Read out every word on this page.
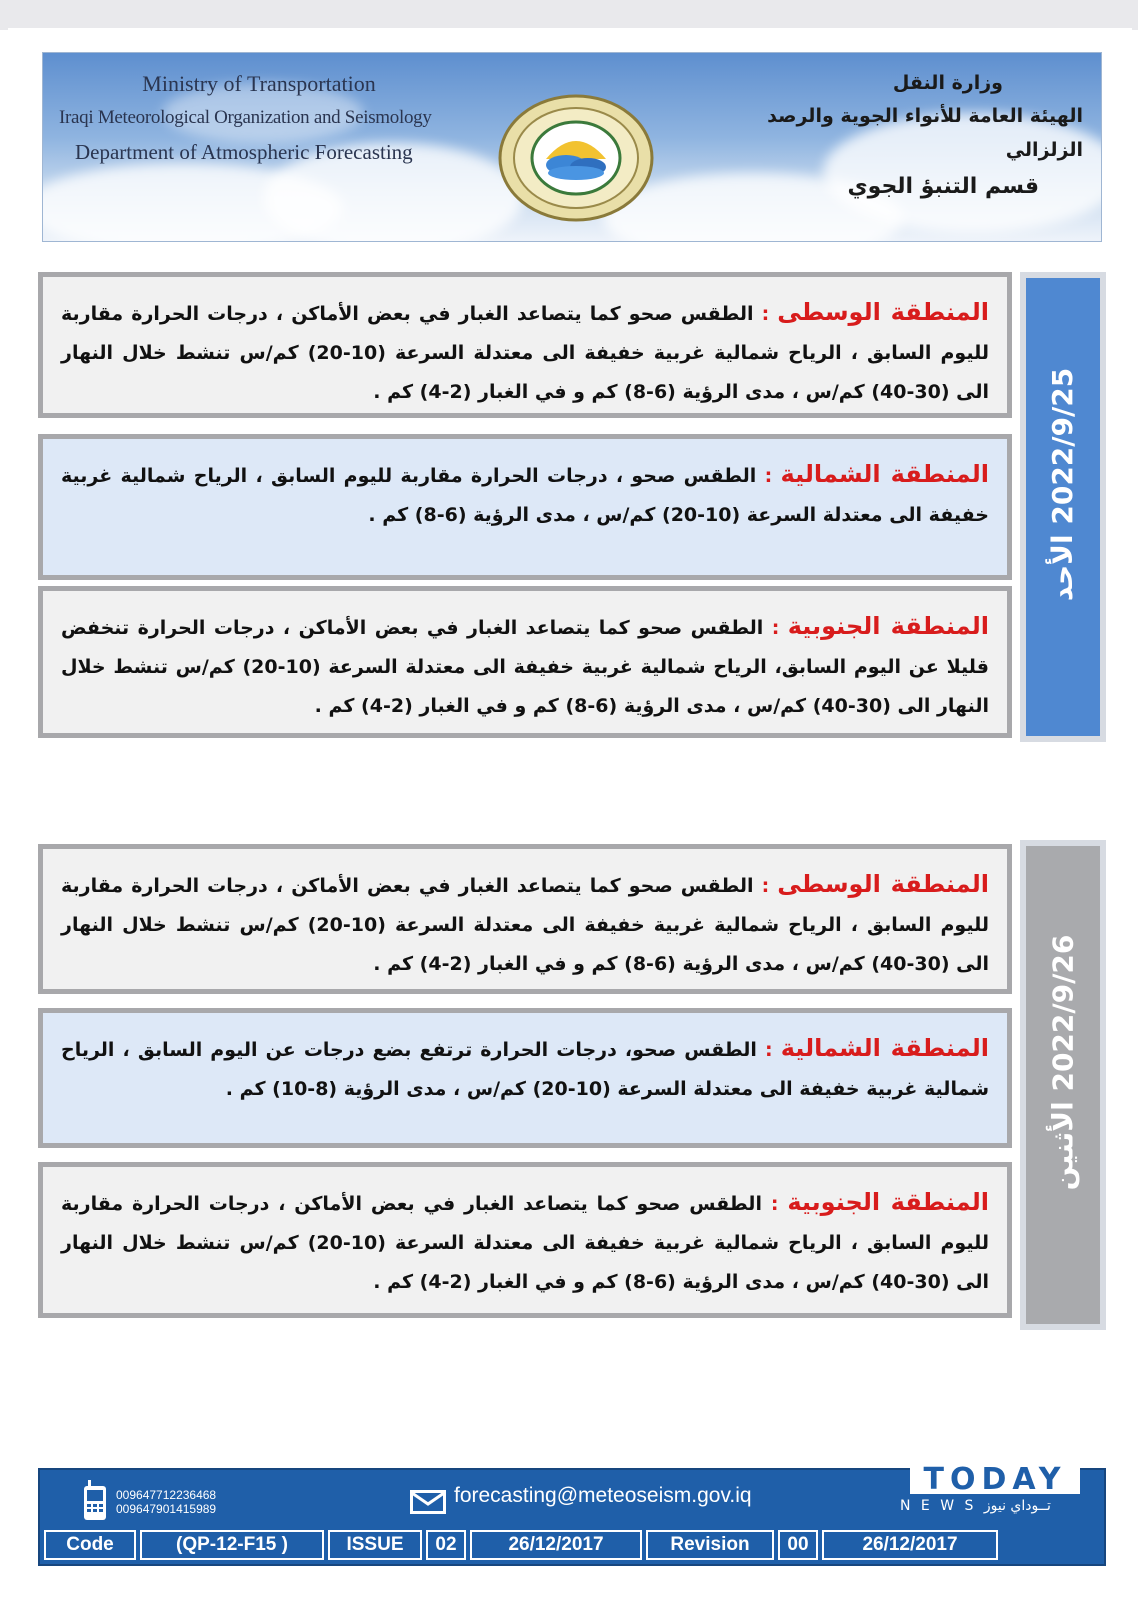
Ministry of Transportation
Iraqi Meteorological Organization and Seismology
Department of Atmospheric Forecasting
وزارة النقل
الهيئة العامة للأنواء الجوية والرصد الزلزالي
قسم التنبؤ الجوي
2022/9/25 الأحد

المنطقة الوسطى : الطقس صحو كما يتصاعد الغبار في بعض الأماكن ، درجات الحرارة مقاربة لليوم السابق ، الرياح شمالية غربية خفيفة الى معتدلة السرعة (10-20) كم/س تنشط خلال النهار الى (30-40) كم/س ، مدى الرؤية (6-8) كم و في الغبار (2-4) كم .

المنطقة الشمالية : الطقس صحو ، درجات الحرارة مقاربة لليوم السابق ، الرياح شمالية غربية خفيفة الى معتدلة السرعة (10-20) كم/س ، مدى الرؤية (6-8) كم .

المنطقة الجنوبية : الطقس صحو كما يتصاعد الغبار في بعض الأماكن ، درجات الحرارة تنخفض قليلا عن اليوم السابق، الرياح شمالية غربية خفيفة الى معتدلة السرعة (10-20) كم/س تنشط خلال النهار الى (30-40) كم/س ، مدى الرؤية (6-8) كم و في الغبار (2-4) كم .

2022/9/26 الأثنين

المنطقة الوسطى : الطقس صحو كما يتصاعد الغبار في بعض الأماكن ، درجات الحرارة مقاربة لليوم السابق ، الرياح شمالية غربية خفيفة الى معتدلة السرعة (10-20) كم/س تنشط خلال النهار الى (30-40) كم/س ، مدى الرؤية (6-8) كم و في الغبار (2-4) كم .

المنطقة الشمالية : الطقس صحو، درجات الحرارة ترتفع بضع درجات عن اليوم السابق ، الرياح شمالية غربية خفيفة الى معتدلة السرعة (10-20) كم/س ، مدى الرؤية (8-10) كم .

المنطقة الجنوبية : الطقس صحو كما يتصاعد الغبار في بعض الأماكن ، درجات الحرارة مقاربة لليوم السابق ، الرياح شمالية غربية خفيفة الى معتدلة السرعة (10-20) كم/س تنشط خلال النهار الى (30-40) كم/س ، مدى الرؤية (6-8) كم و في الغبار (2-4) كم .

009647712236468
009647901415989
forecasting@meteoseism.gov.iq	TODAY
N E W S تــوداي نيوز
Code	(QP-12-F15 )	ISSUE	02	26/12/2017	Revision	00	26/12/2017
